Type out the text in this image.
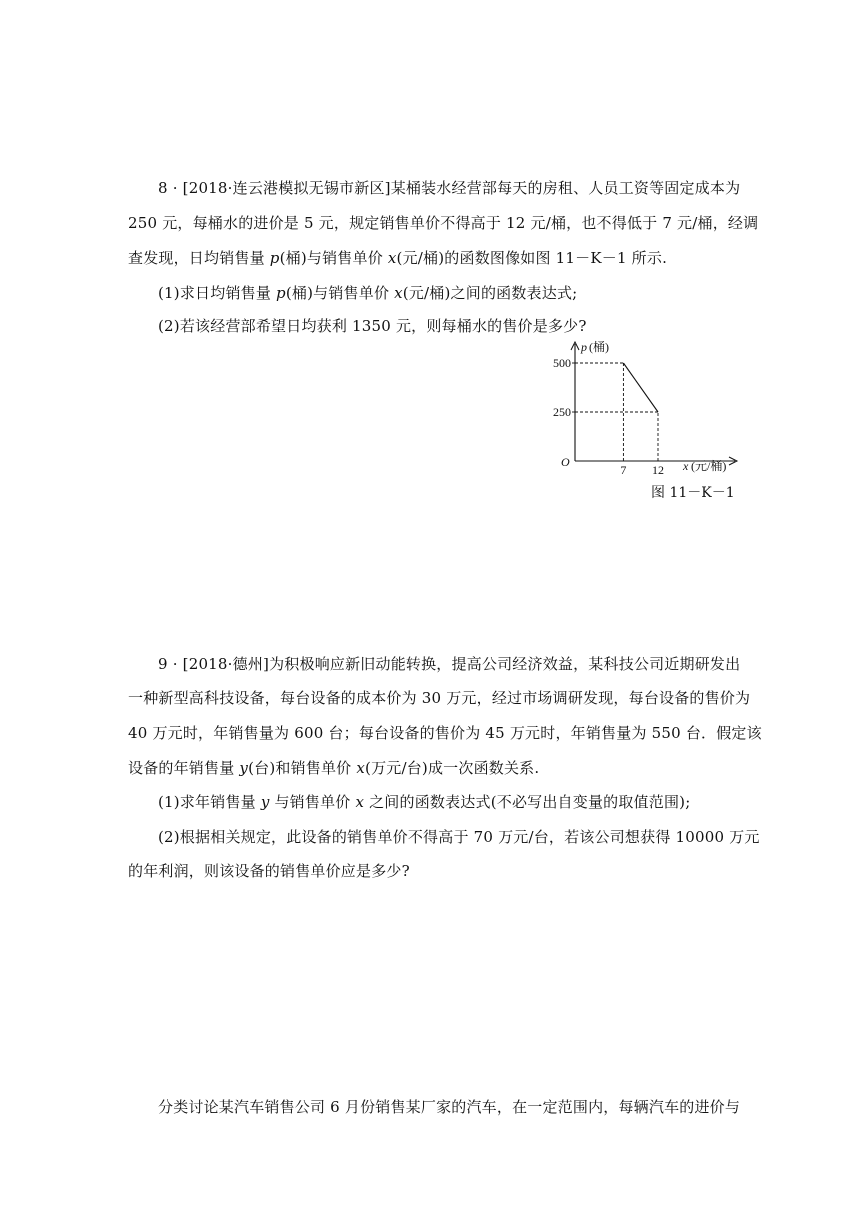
8 · [2018·连云港模拟无锡市新区]某桶装水经营部每天的房租、人员工资等固定成本为
250 元，每桶水的进价是 5 元，规定销售单价不得高于 12 元/桶，也不得低于 7 元/桶，经调
查发现，日均销售量 p(桶)与销售单价 x(元/桶)的函数图像如图 11－K－1 所示.
(1)求日均销售量 p(桶)与销售单价 x(元/桶)之间的函数表达式;
(2)若该经营部希望日均获利 1350 元，则每桶水的售价是多少?
p (桶)
x (元/桶)
O
500
250
7 12
图 11－K－1
9 · [2018·德州]为积极响应新旧动能转换，提高公司经济效益，某科技公司近期研发出
一种新型高科技设备，每台设备的成本价为 30 万元，经过市场调研发现，每台设备的售价为
40 万元时，年销售量为 600 台；每台设备的售价为 45 万元时，年销售量为 550 台．假定该
设备的年销售量 y(台)和销售单价 x(万元/台)成一次函数关系.
(1)求年销售量 y 与销售单价 x 之间的函数表达式(不必写出自变量的取值范围);
(2)根据相关规定，此设备的销售单价不得高于 70 万元/台，若该公司想获得 10000 万元
的年利润，则该设备的销售单价应是多少?
分类讨论某汽车销售公司 6 月份销售某厂家的汽车，在一定范围内，每辆汽车的进价与
